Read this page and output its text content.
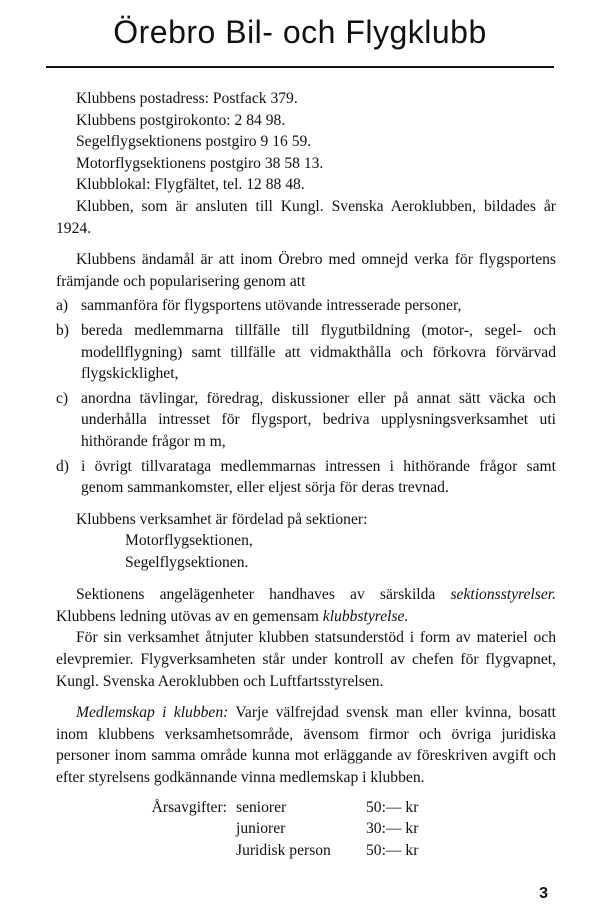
Örebro Bil- och Flygklubb

Klubbens postadress: Postfack 379.

Klubbens postgirokonto: 2 84 98.

Segelflygsektionens postgiro 9 16 59.

Motorflygsektionens postgiro 38 58 13.

Klubblokal: Flygfältet, tel. 12 88 48.

Klubben, som är ansluten till Kungl. Svenska Aeroklubben, bildades år 1924.

Klubbens ändamål är att inom Örebro med omnejd verka för flygsportens främjande och popularisering genom att

a) sammanföra för flygsportens utövande intresserade personer,
b) bereda medlemmarna tillfälle till flygutbildning (motor-, segel- och modellflygning) samt tillfälle att vidmakthålla och förkovra förvärvad flygskicklighet,
c) anordna tävlingar, föredrag, diskussioner eller på annat sätt väcka och underhålla intresset för flygsport, bedriva upplysningsverksamhet uti hithörande frågor m m,
d) i övrigt tillvarataga medlemmarnas intressen i hithörande frågor samt genom sammankomster, eller eljest sörja för deras trevnad.

Klubbens verksamhet är fördelad på sektioner:

Motorflygsektionen,
Segelflygsektionen.

Sektionens angelägenheter handhaves av särskilda sektionsstyrelser. Klubbens ledning utövas av en gemensam klubbstyrelse.

För sin verksamhet åtnjuter klubben statsunderstöd i form av materiel och elevpremier. Flygverksamheten står under kontroll av chefen för flygvapnet, Kungl. Svenska Aeroklubben och Luftfartsstyrelsen.

Medlemskap i klubben: Varje välfrejdad svensk man eller kvinna, bosatt inom klubbens verksamhetsområde, ävensom firmor och övriga juridiska personer inom samma område kunna mot erläggande av föreskriven avgift och efter styrelsens godkännande vinna medlemskap i klubben.

Årsavgifter: seniorer	50:— kr
juniorer	30:— kr
Juridisk person	50:— kr
3
